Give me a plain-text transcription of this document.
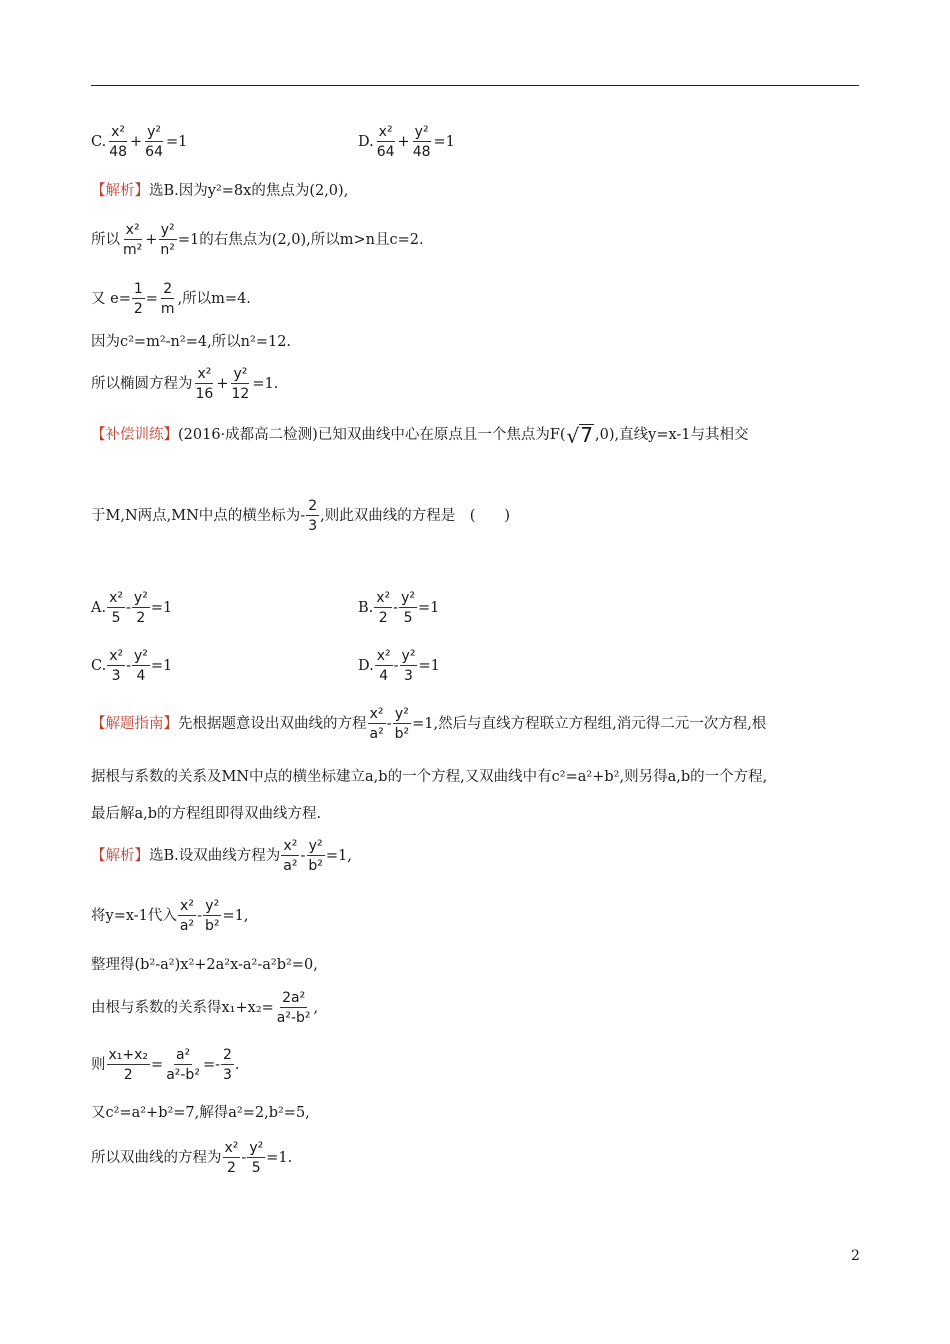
C. $\frac{\text{x²}}{48} + \frac{\text{y²}}{64} =1$	D. $\frac{\text{x²}}{64} + \frac{\text{y²}}{48} =1$
【解析】 选B.因为y²=8x的焦点为(2,0),
所以 $\frac{\text{x²}}{\text{m²}} + \frac{\text{y²}}{\text{n²}} =1$的右焦点为(2,0),所以m>n且c=2.
又 $e= \frac{1}{2} = \frac{2}{m}$ ,所以m=4.
因为c²=m²-n²=4,所以n²=12.
所以椭圆方程为 $\frac{\text{x²}}{16} + \frac{\text{y²}}{12} =1$.
【补偿训练】 (2016·成都高二检测)已知双曲线中心在原点且一个焦点为F( √ 7 ,0),直线y=x-1与其相交
于M,N两点,MN中点的横坐标为- $\frac{2}{3}$ ,则此双曲线的方程是　(　　)
A. $\frac{\text{x²}}{5} - \frac{\text{y²}}{2} =1$	B. $\frac{\text{x²}}{2} - \frac{\text{y²}}{5} =1$
C. $\frac{\text{x²}}{3} - \frac{\text{y²}}{4} =1$	D. $\frac{\text{x²}}{4} - \frac{\text{y²}}{3} =1$
【解题指南】 先根据题意设出双曲线的方程 $\frac{\text{x²}}{\text{a²}} - \frac{\text{y²}}{\text{b²}} =1$,然后与直线方程联立方程组,消元得二元一次方程,根
据根与系数的关系及MN中点的横坐标建立a,b的一个方程,又双曲线中有c²=a²+b²,则另得a,b的一个方程,
最后解a,b的方程组即得双曲线方程.
【解析】 选B.设双曲线方程为 $\frac{\text{x²}}{\text{a²}} - \frac{\text{y²}}{\text{b²}} =1$,
将y=x-1代入 $\frac{\text{x²}}{\text{a²}} - \frac{\text{y²}}{\text{b²}} =1$,
整理得(b²-a²)x²+2a²x-a²-a²b²=0,
由根与系数的关系得$x_1+x_2= \frac{\text{2a²}}{\text{a²-b²}}$ ,
则 $\frac{\text{x₁+x₂}}{2} = \frac{\text{a²}}{\text{a²-b²}} =- \frac{2}{3}$ .
又c²=a²+b²=7,解得a²=2,b²=5,
所以双曲线的方程为 $\frac{\text{x²}}{2} - \frac{\text{y²}}{5} =1$.
2
